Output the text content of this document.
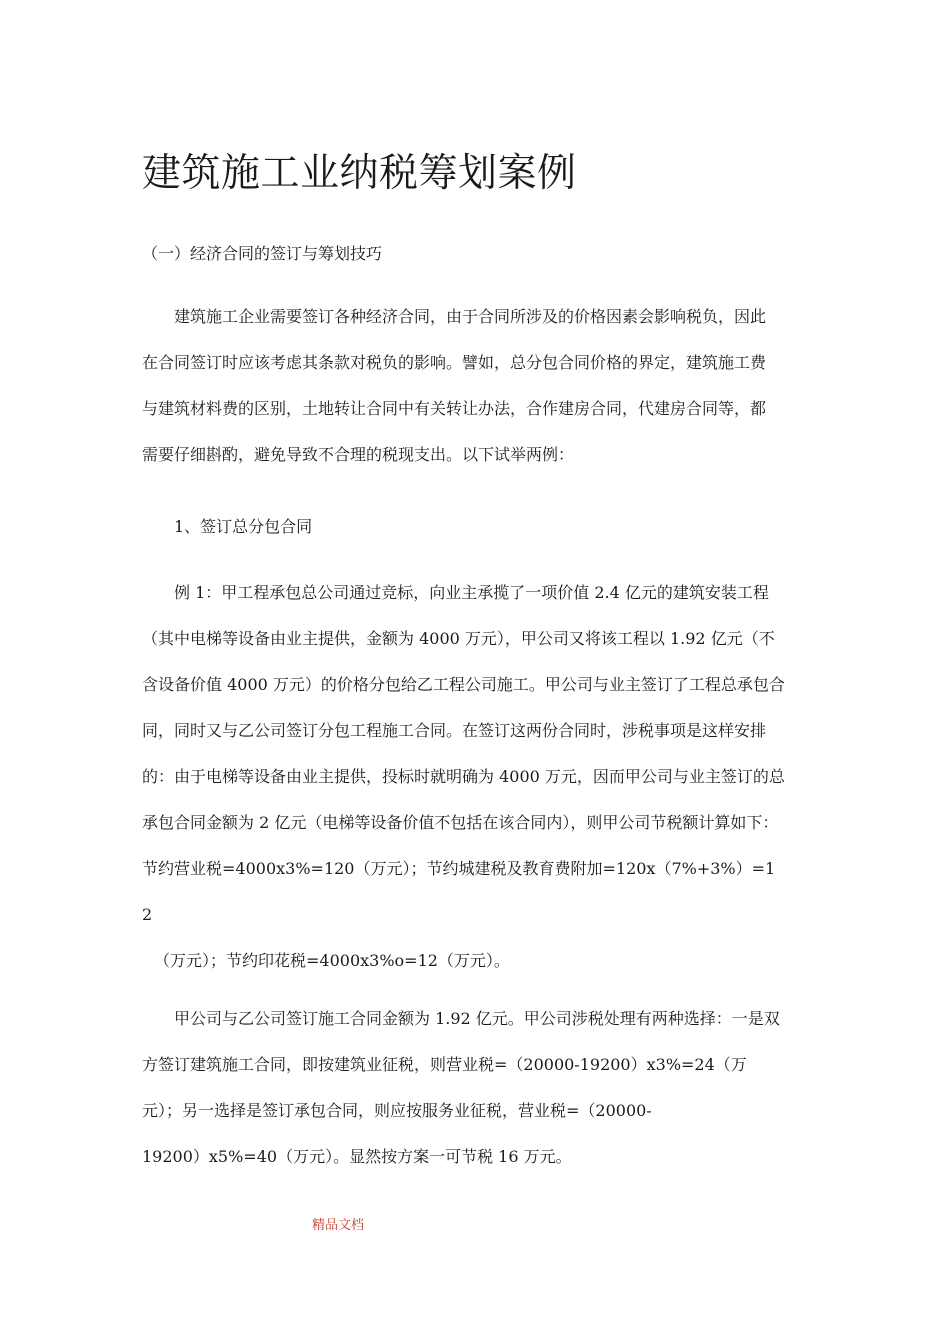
建筑施工业纳税筹划案例
（一）经济合同的签订与筹划技巧
建筑施工企业需要签订各种经济合同，由于合同所涉及的价格因素会影响税负，因此
在合同签订时应该考虑其条款对税负的影响。譬如，总分包合同价格的界定，建筑施工费
与建筑材料费的区别，土地转让合同中有关转让办法，合作建房合同，代建房合同等，都
需要仔细斟酌，避免导致不合理的税现支出。以下试举两例：
1、签订总分包合同
例 1：甲工程承包总公司通过竞标，向业主承揽了一项价值 2.4 亿元的建筑安装工程
（其中电梯等设备由业主提供，金额为 4000 万元），甲公司又将该工程以 1.92 亿元（不
含设备价值 4000 万元）的价格分包给乙工程公司施工。甲公司与业主签订了工程总承包合
同，同时又与乙公司签订分包工程施工合同。在签订这两份合同时，涉税事项是这样安排
的：由于电梯等设备由业主提供，投标时就明确为 4000 万元，因而甲公司与业主签订的总
承包合同金额为 2 亿元（电梯等设备价值不包括在该合同内），则甲公司节税额计算如下：
节约营业税=4000x3%=120（万元）；节约城建税及教育费附加=120x（7%+3%）=1
2
（万元）；节约印花税=4000x3%o=12（万元）。
甲公司与乙公司签订施工合同金额为 1.92 亿元。甲公司涉税处理有两种选择：一是双
方签订建筑施工合同，即按建筑业征税，则营业税=（20000-19200）x3%=24（万
元）；另一选择是签订承包合同，则应按服务业征税，营业税=（20000-
19200）x5%=40（万元）。显然按方案一可节税 16 万元。
精品文档
